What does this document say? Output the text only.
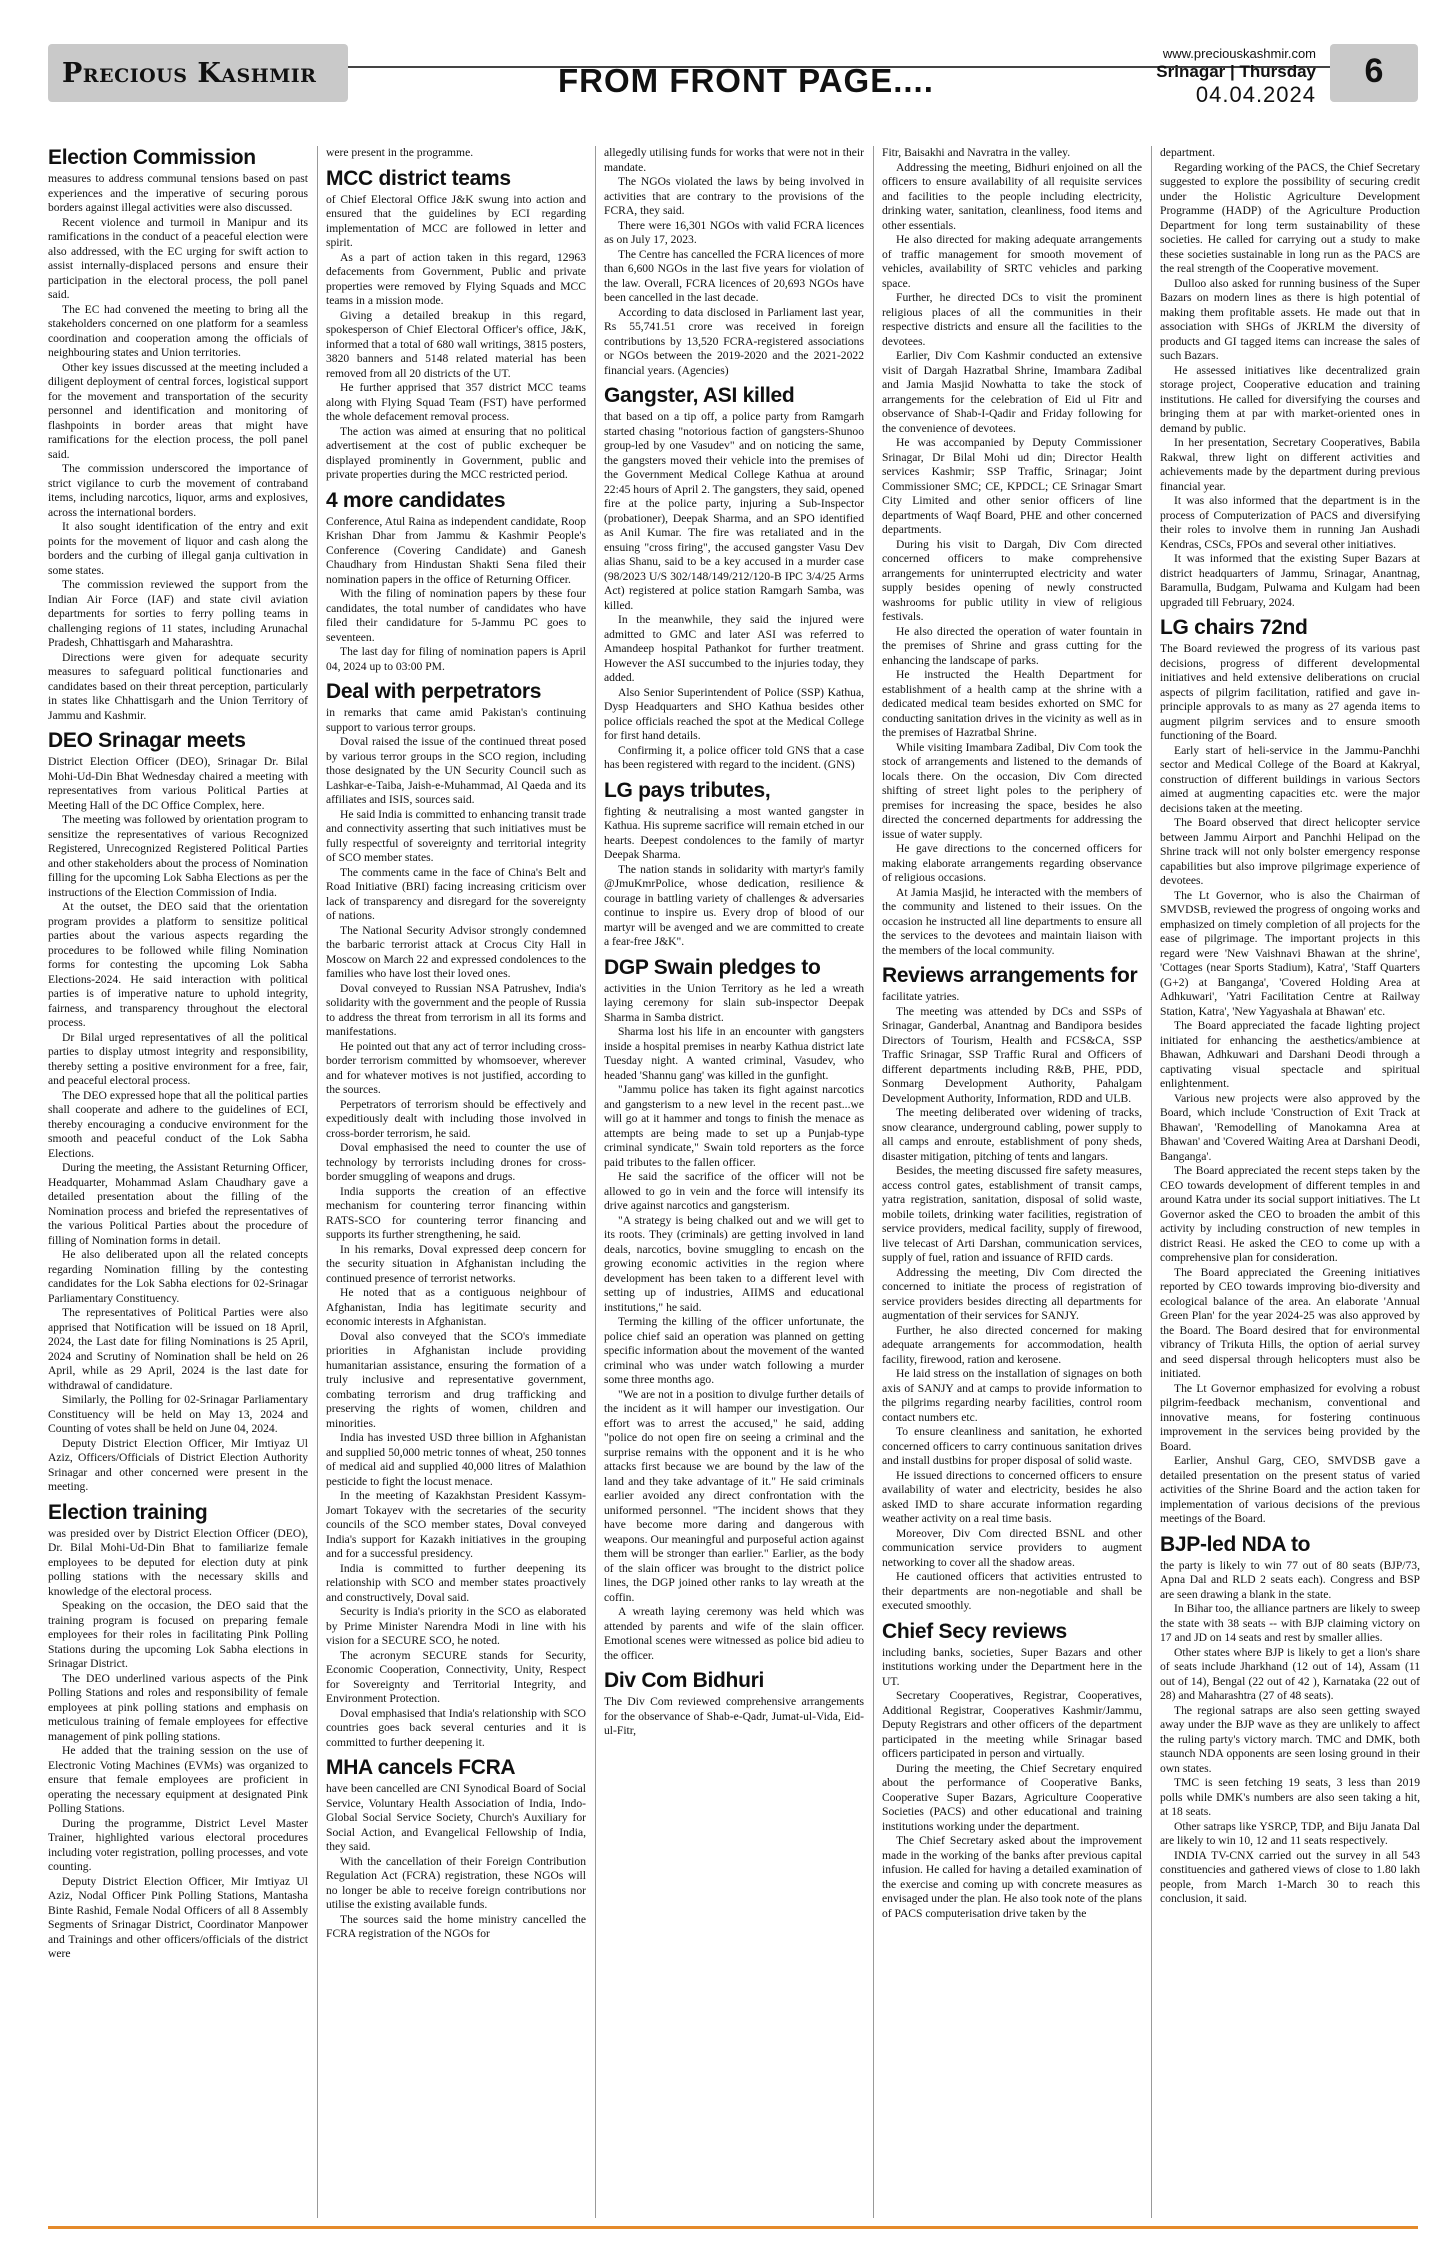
Precious Kashmir	FROM FRONT PAGE....
www.preciouskashmir.com
Srinagar | Thursday
04.04.2024
6
Election Commission

measures to address communal tensions based on past experiences and the imperative of securing porous borders against illegal activities were also discussed.

Recent violence and turmoil in Manipur and its ramifications in the conduct of a peaceful election were also addressed, with the EC urging for swift action to assist internally-displaced persons and ensure their participation in the electoral process, the poll panel said.

The EC had convened the meeting to bring all the stakeholders concerned on one platform for a seamless coordination and cooperation among the officials of neighbouring states and Union territories.

Other key issues discussed at the meeting included a diligent deployment of central forces, logistical support for the movement and transportation of the security personnel and identification and monitoring of flashpoints in border areas that might have ramifications for the election process, the poll panel said.

The commission underscored the importance of strict vigilance to curb the movement of contraband items, including narcotics, liquor, arms and explosives, across the international borders.

It also sought identification of the entry and exit points for the movement of liquor and cash along the borders and the curbing of illegal ganja cultivation in some states.

The commission reviewed the support from the Indian Air Force (IAF) and state civil aviation departments for sorties to ferry polling teams in challenging regions of 11 states, including Arunachal Pradesh, Chhattisgarh and Maharashtra.

Directions were given for adequate security measures to safeguard political functionaries and candidates based on their threat perception, particularly in states like Chhattisgarh and the Union Territory of Jammu and Kashmir.

DEO Srinagar meets

District Election Officer (DEO), Srinagar Dr. Bilal Mohi-Ud-Din Bhat Wednesday chaired a meeting with representatives from various Political Parties at Meeting Hall of the DC Office Complex, here.

The meeting was followed by orientation program to sensitize the representatives of various Recognized Registered, Unrecognized Registered Political Parties and other stakeholders about the process of Nomination filling for the upcoming Lok Sabha Elections as per the instructions of the Election Commission of India.

At the outset, the DEO said that the orientation program provides a platform to sensitize political parties about the various aspects regarding the procedures to be followed while filing Nomination forms for contesting the upcoming Lok Sabha Elections-2024. He said interaction with political parties is of imperative nature to uphold integrity, fairness, and transparency throughout the electoral process.

Dr Bilal urged representatives of all the political parties to display utmost integrity and responsibility, thereby setting a positive environment for a free, fair, and peaceful electoral process.

The DEO expressed hope that all the political parties shall cooperate and adhere to the guidelines of ECI, thereby encouraging a conducive environment for the smooth and peaceful conduct of the Lok Sabha Elections.

During the meeting, the Assistant Returning Officer, Headquarter, Mohammad Aslam Chaudhary gave a detailed presentation about the filling of the Nomination process and briefed the representatives of the various Political Parties about the procedure of filling of Nomination forms in detail.

He also deliberated upon all the related concepts regarding Nomination filling by the contesting candidates for the Lok Sabha elections for 02-Srinagar Parliamentary Constituency.

The representatives of Political Parties were also apprised that Notification will be issued on 18 April, 2024, the Last date for filing Nominations is 25 April, 2024 and Scrutiny of Nomination shall be held on 26 April, while as 29 April, 2024 is the last date for withdrawal of candidature.

Similarly, the Polling for 02-Srinagar Parliamentary Constituency will be held on May 13, 2024 and Counting of votes shall be held on June 04, 2024.

Deputy District Election Officer, Mir Imtiyaz Ul Aziz, Officers/Officials of District Election Authority Srinagar and other concerned were present in the meeting.

Election training

was presided over by District Election Officer (DEO), Dr. Bilal Mohi-Ud-Din Bhat to familiarize female employees to be deputed for election duty at pink polling stations with the necessary skills and knowledge of the electoral process.

Speaking on the occasion, the DEO said that the training program is focused on preparing female employees for their roles in facilitating Pink Polling Stations during the upcoming Lok Sabha elections in Srinagar District.

The DEO underlined various aspects of the Pink Polling Stations and roles and responsibility of female employees at pink polling stations and emphasis on meticulous training of female employees for effective management of pink polling stations.

He added that the training session on the use of Electronic Voting Machines (EVMs) was organized to ensure that female employees are proficient in operating the necessary equipment at designated Pink Polling Stations.

During the programme, District Level Master Trainer, highlighted various electoral procedures including voter registration, polling processes, and vote counting.

Deputy District Election Officer, Mir Imtiyaz Ul Aziz, Nodal Officer Pink Polling Stations, Mantasha Binte Rashid, Female Nodal Officers of all 8 Assembly Segments of Srinagar District, Coordinator Manpower and Trainings and other officers/officials of the district were

were present in the programme.

MCC district teams

of Chief Electoral Office J&K swung into action and ensured that the guidelines by ECI regarding implementation of MCC are followed in letter and spirit.

As a part of action taken in this regard, 12963 defacements from Government, Public and private properties were removed by Flying Squads and MCC teams in a mission mode.

Giving a detailed breakup in this regard, spokesperson of Chief Electoral Officer's office, J&K, informed that a total of 680 wall writings, 3815 posters, 3820 banners and 5148 related material has been removed from all 20 districts of the UT.

He further apprised that 357 district MCC teams along with Flying Squad Team (FST) have performed the whole defacement removal process.

The action was aimed at ensuring that no political advertisement at the cost of public exchequer be displayed prominently in Government, public and private properties during the MCC restricted period.

4 more candidates

Conference, Atul Raina as independent candidate, Roop Krishan Dhar from Jammu & Kashmir People's Conference (Covering Candidate) and Ganesh Chaudhary from Hindustan Shakti Sena filed their nomination papers in the office of Returning Officer.

With the filing of nomination papers by these four candidates, the total number of candidates who have filed their candidature for 5-Jammu PC goes to seventeen.

The last day for filing of nomination papers is April 04, 2024 up to 03:00 PM.

Deal with perpetrators

in remarks that came amid Pakistan's continuing support to various terror groups.

Doval raised the issue of the continued threat posed by various terror groups in the SCO region, including those designated by the UN Security Council such as Lashkar-e-Taiba, Jaish-e-Muhammad, Al Qaeda and its affiliates and ISIS, sources said.

He said India is committed to enhancing transit trade and connectivity asserting that such initiatives must be fully respectful of sovereignty and territorial integrity of SCO member states.

The comments came in the face of China's Belt and Road Initiative (BRI) facing increasing criticism over lack of transparency and disregard for the sovereignty of nations.

The National Security Advisor strongly condemned the barbaric terrorist attack at Crocus City Hall in Moscow on March 22 and expressed condolences to the families who have lost their loved ones.

Doval conveyed to Russian NSA Patrushev, India's solidarity with the government and the people of Russia to address the threat from terrorism in all its forms and manifestations.

He pointed out that any act of terror including cross-border terrorism committed by whomsoever, wherever and for whatever motives is not justified, according to the sources.

Perpetrators of terrorism should be effectively and expeditiously dealt with including those involved in cross-border terrorism, he said.

Doval emphasised the need to counter the use of technology by terrorists including drones for cross-border smuggling of weapons and drugs.

India supports the creation of an effective mechanism for countering terror financing within RATS-SCO for countering terror financing and supports its further strengthening, he said.

In his remarks, Doval expressed deep concern for the security situation in Afghanistan including the continued presence of terrorist networks.

He noted that as a contiguous neighbour of Afghanistan, India has legitimate security and economic interests in Afghanistan.

Doval also conveyed that the SCO's immediate priorities in Afghanistan include providing humanitarian assistance, ensuring the formation of a truly inclusive and representative government, combating terrorism and drug trafficking and preserving the rights of women, children and minorities.

India has invested USD three billion in Afghanistan and supplied 50,000 metric tonnes of wheat, 250 tonnes of medical aid and supplied 40,000 litres of Malathion pesticide to fight the locust menace.

In the meeting of Kazakhstan President Kassym-Jomart Tokayev with the secretaries of the security councils of the SCO member states, Doval conveyed India's support for Kazakh initiatives in the grouping and for a successful presidency.

India is committed to further deepening its relationship with SCO and member states proactively and constructively, Doval said.

Security is India's priority in the SCO as elaborated by Prime Minister Narendra Modi in line with his vision for a SECURE SCO, he noted.

The acronym SECURE stands for Security, Economic Cooperation, Connectivity, Unity, Respect for Sovereignty and Territorial Integrity, and Environment Protection.

Doval emphasised that India's relationship with SCO countries goes back several centuries and it is committed to further deepening it.

MHA cancels FCRA

have been cancelled are CNI Synodical Board of Social Service, Voluntary Health Association of India, Indo-Global Social Service Society, Church's Auxiliary for Social Action, and Evangelical Fellowship of India, they said.

With the cancellation of their Foreign Contribution Regulation Act (FCRA) registration, these NGOs will no longer be able to receive foreign contributions nor utilise the existing available funds.

The sources said the home ministry cancelled the FCRA registration of the NGOs for

allegedly utilising funds for works that were not in their mandate.

The NGOs violated the laws by being involved in activities that are contrary to the provisions of the FCRA, they said.

There were 16,301 NGOs with valid FCRA licences as on July 17, 2023.

The Centre has cancelled the FCRA licences of more than 6,600 NGOs in the last five years for violation of the law. Overall, FCRA licences of 20,693 NGOs have been cancelled in the last decade.

According to data disclosed in Parliament last year, Rs 55,741.51 crore was received in foreign contributions by 13,520 FCRA-registered associations or NGOs between the 2019-2020 and the 2021-2022 financial years. (Agencies)

Gangster, ASI killed

that based on a tip off, a police party from Ramgarh started chasing "notorious faction of gangsters-Shunoo group-led by one Vasudev" and on noticing the same, the gangsters moved their vehicle into the premises of the Government Medical College Kathua at around 22:45 hours of April 2. The gangsters, they said, opened fire at the police party, injuring a Sub-Inspector (probationer), Deepak Sharma, and an SPO identified as Anil Kumar. The fire was retaliated and in the ensuing "cross firing", the accused gangster Vasu Dev alias Shanu, said to be a key accused in a murder case (98/2023 U/S 302/148/149/212/120-B IPC 3/4/25 Arms Act) registered at police station Ramgarh Samba, was killed.

In the meanwhile, they said the injured were admitted to GMC and later ASI was referred to Amandeep hospital Pathankot for further treatment. However the ASI succumbed to the injuries today, they added.

Also Senior Superintendent of Police (SSP) Kathua, Dysp Headquarters and SHO Kathua besides other police officials reached the spot at the Medical College for first hand details.

Confirming it, a police officer told GNS that a case has been registered with regard to the incident. (GNS)

LG pays tributes,

fighting & neutralising a most wanted gangster in Kathua. His supreme sacrifice will remain etched in our hearts. Deepest condolences to the family of martyr Deepak Sharma.

The nation stands in solidarity with martyr's family @JmuKmrPolice, whose dedication, resilience & courage in battling variety of challenges & adversaries continue to inspire us. Every drop of blood of our martyr will be avenged and we are committed to create a fear-free J&K".

DGP Swain pledges to

activities in the Union Territory as he led a wreath laying ceremony for slain sub-inspector Deepak Sharma in Samba district.

Sharma lost his life in an encounter with gangsters inside a hospital premises in nearby Kathua district late Tuesday night. A wanted criminal, Vasudev, who headed 'Shannu gang' was killed in the gunfight.

"Jammu police has taken its fight against narcotics and gangsterism to a new level in the recent past...we will go at it hammer and tongs to finish the menace as attempts are being made to set up a Punjab-type criminal syndicate," Swain told reporters as the force paid tributes to the fallen officer.

He said the sacrifice of the officer will not be allowed to go in vein and the force will intensify its drive against narcotics and gangsterism.

"A strategy is being chalked out and we will get to its roots. They (criminals) are getting involved in land deals, narcotics, bovine smuggling to encash on the growing economic activities in the region where development has been taken to a different level with setting up of industries, AIIMS and educational institutions," he said.

Terming the killing of the officer unfortunate, the police chief said an operation was planned on getting specific information about the movement of the wanted criminal who was under watch following a murder some three months ago.

"We are not in a position to divulge further details of the incident as it will hamper our investigation. Our effort was to arrest the accused," he said, adding "police do not open fire on seeing a criminal and the surprise remains with the opponent and it is he who attacks first because we are bound by the law of the land and they take advantage of it." He said criminals earlier avoided any direct confrontation with the uniformed personnel. "The incident shows that they have become more daring and dangerous with weapons. Our meaningful and purposeful action against them will be stronger than earlier." Earlier, as the body of the slain officer was brought to the district police lines, the DGP joined other ranks to lay wreath at the coffin.

A wreath laying ceremony was held which was attended by parents and wife of the slain officer. Emotional scenes were witnessed as police bid adieu to the officer.

Div Com Bidhuri

The Div Com reviewed comprehensive arrangements for the observance of Shab-e-Qadr, Jumat-ul-Vida, Eid-ul-Fitr,

Fitr, Baisakhi and Navratra in the valley.

Addressing the meeting, Bidhuri enjoined on all the officers to ensure availability of all requisite services and facilities to the people including electricity, drinking water, sanitation, cleanliness, food items and other essentials.

He also directed for making adequate arrangements of traffic management for smooth movement of vehicles, availability of SRTC vehicles and parking space.

Further, he directed DCs to visit the prominent religious places of all the communities in their respective districts and ensure all the facilities to the devotees.

Earlier, Div Com Kashmir conducted an extensive visit of Dargah Hazratbal Shrine, Imambara Zadibal and Jamia Masjid Nowhatta to take the stock of arrangements for the celebration of Eid ul Fitr and observance of Shab-I-Qadir and Friday following for the convenience of devotees.

He was accompanied by Deputy Commissioner Srinagar, Dr Bilal Mohi ud din; Director Health services Kashmir; SSP Traffic, Srinagar; Joint Commissioner SMC; CE, KPDCL; CE Srinagar Smart City Limited and other senior officers of line departments of Waqf Board, PHE and other concerned departments.

During his visit to Dargah, Div Com directed concerned officers to make comprehensive arrangements for uninterrupted electricity and water supply besides opening of newly constructed washrooms for public utility in view of religious festivals.

He also directed the operation of water fountain in the premises of Shrine and grass cutting for the enhancing the landscape of parks.

He instructed the Health Department for establishment of a health camp at the shrine with a dedicated medical team besides exhorted on SMC for conducting sanitation drives in the vicinity as well as in the premises of Hazratbal Shrine.

While visiting Imambara Zadibal, Div Com took the stock of arrangements and listened to the demands of locals there. On the occasion, Div Com directed shifting of street light poles to the periphery of premises for increasing the space, besides he also directed the concerned departments for addressing the issue of water supply.

He gave directions to the concerned officers for making elaborate arrangements regarding observance of religious occasions.

At Jamia Masjid, he interacted with the members of the community and listened to their issues. On the occasion he instructed all line departments to ensure all the services to the devotees and maintain liaison with the members of the local community.

Reviews arrangements for

facilitate yatries.

The meeting was attended by DCs and SSPs of Srinagar, Ganderbal, Anantnag and Bandipora besides Directors of Tourism, Health and FCS&CA, SSP Traffic Srinagar, SSP Traffic Rural and Officers of different departments including R&B, PHE, PDD, Sonmarg Development Authority, Pahalgam Development Authority, Information, RDD and ULB.

The meeting deliberated over widening of tracks, snow clearance, underground cabling, power supply to all camps and enroute, establishment of pony sheds, disaster mitigation, pitching of tents and langars.

Besides, the meeting discussed fire safety measures, access control gates, establishment of transit camps, yatra registration, sanitation, disposal of solid waste, mobile toilets, drinking water facilities, registration of service providers, medical facility, supply of firewood, live telecast of Arti Darshan, communication services, supply of fuel, ration and issuance of RFID cards.

Addressing the meeting, Div Com directed the concerned to initiate the process of registration of service providers besides directing all departments for augmentation of their services for SANJY.

Further, he also directed concerned for making adequate arrangements for accommodation, health facility, firewood, ration and kerosene.

He laid stress on the installation of signages on both axis of SANJY and at camps to provide information to the pilgrims regarding nearby facilities, control room contact numbers etc.

To ensure cleanliness and sanitation, he exhorted concerned officers to carry continuous sanitation drives and install dustbins for proper disposal of solid waste.

He issued directions to concerned officers to ensure availability of water and electricity, besides he also asked IMD to share accurate information regarding weather activity on a real time basis.

Moreover, Div Com directed BSNL and other communication service providers to augment networking to cover all the shadow areas.

He cautioned officers that activities entrusted to their departments are non-negotiable and shall be executed smoothly.

Chief Secy reviews

including banks, societies, Super Bazars and other institutions working under the Department here in the UT.

Secretary Cooperatives, Registrar, Cooperatives, Additional Registrar, Cooperatives Kashmir/Jammu, Deputy Registrars and other officers of the department participated in the meeting while Srinagar based officers participated in person and virtually.

During the meeting, the Chief Secretary enquired about the performance of Cooperative Banks, Cooperative Super Bazars, Agriculture Cooperative Societies (PACS) and other educational and training institutions working under the department.

The Chief Secretary asked about the improvement made in the working of the banks after previous capital infusion. He called for having a detailed examination of the exercise and coming up with concrete measures as envisaged under the plan. He also took note of the plans of PACS computerisation drive taken by the

department.

Regarding working of the PACS, the Chief Secretary suggested to explore the possibility of securing credit under the Holistic Agriculture Development Programme (HADP) of the Agriculture Production Department for long term sustainability of these societies. He called for carrying out a study to make these societies sustainable in long run as the PACS are the real strength of the Cooperative movement.

Dulloo also asked for running business of the Super Bazars on modern lines as there is high potential of making them profitable assets. He made out that in association with SHGs of JKRLM the diversity of products and GI tagged items can increase the sales of such Bazars.

He assessed initiatives like decentralized grain storage project, Cooperative education and training institutions. He called for diversifying the courses and bringing them at par with market-oriented ones in demand by public.

In her presentation, Secretary Cooperatives, Babila Rakwal, threw light on different activities and achievements made by the department during previous financial year.

It was also informed that the department is in the process of Computerization of PACS and diversifying their roles to involve them in running Jan Aushadi Kendras, CSCs, FPOs and several other initiatives.

It was informed that the existing Super Bazars at district headquarters of Jammu, Srinagar, Anantnag, Baramulla, Budgam, Pulwama and Kulgam had been upgraded till February, 2024.

LG chairs 72nd

The Board reviewed the progress of its various past decisions, progress of different developmental initiatives and held extensive deliberations on crucial aspects of pilgrim facilitation, ratified and gave in-principle approvals to as many as 27 agenda items to augment pilgrim services and to ensure smooth functioning of the Board.

Early start of heli-service in the Jammu-Panchhi sector and Medical College of the Board at Kakryal, construction of different buildings in various Sectors aimed at augmenting capacities etc. were the major decisions taken at the meeting.

The Board observed that direct helicopter service between Jammu Airport and Panchhi Helipad on the Shrine track will not only bolster emergency response capabilities but also improve pilgrimage experience of devotees.

The Lt Governor, who is also the Chairman of SMVDSB, reviewed the progress of ongoing works and emphasized on timely completion of all projects for the ease of pilgrimage. The important projects in this regard were 'New Vaishnavi Bhawan at the shrine', 'Cottages (near Sports Stadium), Katra', 'Staff Quarters (G+2) at Banganga', 'Covered Holding Area at Adhkuwari', 'Yatri Facilitation Centre at Railway Station, Katra', 'New Yagyashala at Bhawan' etc.

The Board appreciated the facade lighting project initiated for enhancing the aesthetics/ambience at Bhawan, Adhkuwari and Darshani Deodi through a captivating visual spectacle and spiritual enlightenment.

Various new projects were also approved by the Board, which include 'Construction of Exit Track at Bhawan', 'Remodelling of Manokamna Area at Bhawan' and 'Covered Waiting Area at Darshani Deodi, Banganga'.

The Board appreciated the recent steps taken by the CEO towards development of different temples in and around Katra under its social support initiatives. The Lt Governor asked the CEO to broaden the ambit of this activity by including construction of new temples in district Reasi. He asked the CEO to come up with a comprehensive plan for consideration.

The Board appreciated the Greening initiatives reported by CEO towards improving bio-diversity and ecological balance of the area. An elaborate 'Annual Green Plan' for the year 2024-25 was also approved by the Board. The Board desired that for environmental vibrancy of Trikuta Hills, the option of aerial survey and seed dispersal through helicopters must also be initiated.

The Lt Governor emphasized for evolving a robust pilgrim-feedback mechanism, conventional and innovative means, for fostering continuous improvement in the services being provided by the Board.

Earlier, Anshul Garg, CEO, SMVDSB gave a detailed presentation on the present status of varied activities of the Shrine Board and the action taken for implementation of various decisions of the previous meetings of the Board.

BJP-led NDA to

the party is likely to win 77 out of 80 seats (BJP/73, Apna Dal and RLD 2 seats each). Congress and BSP are seen drawing a blank in the state.

In Bihar too, the alliance partners are likely to sweep the state with 38 seats -- with BJP claiming victory on 17 and JD on 14 seats and rest by smaller allies.

Other states where BJP is likely to get a lion's share of seats include Jharkhand (12 out of 14), Assam (11 out of 14), Bengal (22 out of 42 ), Karnataka (22 out of 28) and Maharashtra (27 of 48 seats).

The regional satraps are also seen getting swayed away under the BJP wave as they are unlikely to affect the ruling party's victory march. TMC and DMK, both staunch NDA opponents are seen losing ground in their own states.

TMC is seen fetching 19 seats, 3 less than 2019 polls while DMK's numbers are also seen taking a hit, at 18 seats.

Other satraps like YSRCP, TDP, and Biju Janata Dal are likely to win 10, 12 and 11 seats respectively.

INDIA TV-CNX carried out the survey in all 543 constituencies and gathered views of close to 1.80 lakh people, from March 1-March 30 to reach this conclusion, it said.
